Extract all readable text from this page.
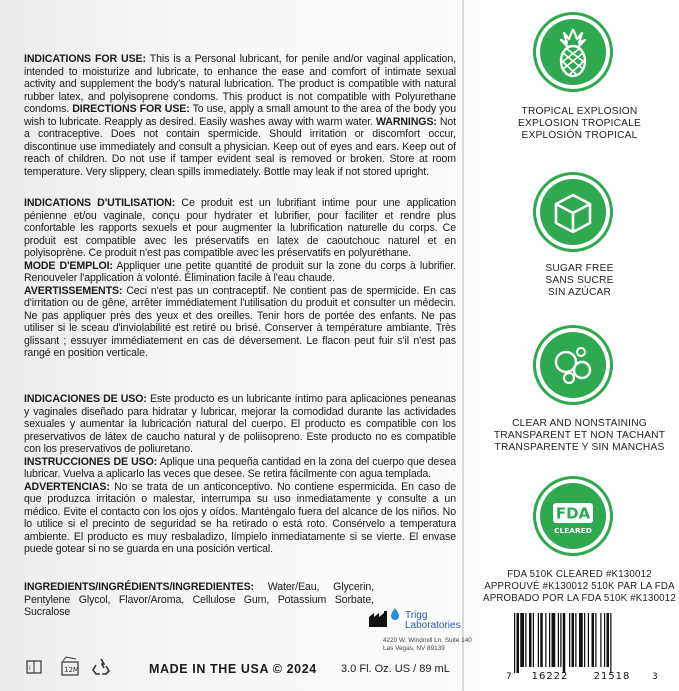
INDICATIONS FOR USE: This is a Personal lubricant, for penile and/or vaginal application, intended to moisturize and lubricate, to enhance the ease and comfort of intimate sexual activity and supplement the body's natural lubrication. The product is compatible with natural rubber latex, and polyisoprene condoms. This product is not compatible with Polyurethane condoms. DIRECTIONS FOR USE: To use, apply a small amount to the area of the body you wish to lubricate. Reapply as desired. Easily washes away with warm water. WARNINGS: Not a contraceptive. Does not contain spermicide. Should irritation or discomfort occur, discontinue use immediately and consult a physician. Keep out of eyes and ears. Keep out of reach of children. Do not use if tamper evident seal is removed or broken. Store at room temperature. Very slippery, clean spills immediately. Bottle may leak if not stored upright.
INDICATIONS D'UTILISATION: Ce produit est un lubrifiant intime pour une application pénienne et/ou vaginale, conçu pour hydrater et lubrifier, pour faciliter et rendre plus confortable les rapports sexuels et pour augmenter la lubrification naturelle du corps. Ce produit est compatible avec les préservatifs en latex de caoutchouc naturel et en polyisoprène. Ce produit n'est pas compatible avec les préservatifs en polyuréthane.
MODE D'EMPLOI: Appliquer une petite quantité de produit sur la zone du corps à lubrifier. Renouveler l'application à volonté. Élimination facile à l'eau chaude.
AVERTISSEMENTS: Ceci n'est pas un contraceptif. Ne contient pas de spermicide. En cas d'irritation ou de gêne, arrêter immédiatement l'utilisation du produit et consulter un médecin. Ne pas appliquer près des yeux et des oreilles. Tenir hors de portée des enfants. Ne pas utiliser si le sceau d'inviolabilité est retiré ou brisé. Conserver à température ambiante. Très glissant ; essuyer immédiatement en cas de déversement. Le flacon peut fuir s'il n'est pas rangé en position verticale.
INDICACIONES DE USO: Este producto es un lubricante íntimo para aplicaciones peneanas y vaginales diseñado para hidratar y lubricar, mejorar la comodidad durante las actividades sexuales y aumentar la lubricación natural del cuerpo. El producto es compatible con los preservativos de látex de caucho natural y de poliisopreno. Este producto no es compatible con los preservativos de poliuretano.
INSTRUCCIONES DE USO: Aplique una pequeña cantidad en la zona del cuerpo que desea lubricar. Vuelva a aplicarlo las veces que desee. Se retira fácilmente con agua templada.
ADVERTENCIAS: No se trata de un anticonceptivo. No contiene espermicida. En caso de que produzca irritación o malestar, interrumpa su uso inmediatamente y consulte a un médico. Evite el contacto con los ojos y oídos. Manténgalo fuera del alcance de los niños. No lo utilice si el precinto de seguridad se ha retirado o está roto. Consérvelo a temperatura ambiente. El producto es muy resbaladizo, límpielo inmediatamente si se vierte. El envase puede gotear si no se guarda en una posición vertical.
INGREDIENTS/INGRÉDIENTS/INGREDIENTES: Water/Eau, Glycerin, Pentylene Glycol, Flavor/Aroma, Cellulose Gum, Potassium Sorbate, Sucralose	Trigg
Laboratories
4220 W. Windmill Ln. Suite 140
Las Vegas, NV 89139
i	12M	MADE IN THE USA © 2024 3.0 Fl. Oz. US / 89 mL
TROPICAL EXPLOSION
EXPLOSION TROPICALE
EXPLOSIÓN TROPICAL
SUGAR FREE
SANS SUCRE
SIN AZÚCAR
CLEAR AND NONSTAINING
TRANSPARENT ET NON TACHANT
TRANSPARENTE Y SIN MANCHAS
FDA
CLEARED
FDA 510K CLEARED #K130012
APPROUVÉ #K130012 510K PAR LA FDA
APROBADO POR LA FDA 510K #K130012
7 16222	21518 3
